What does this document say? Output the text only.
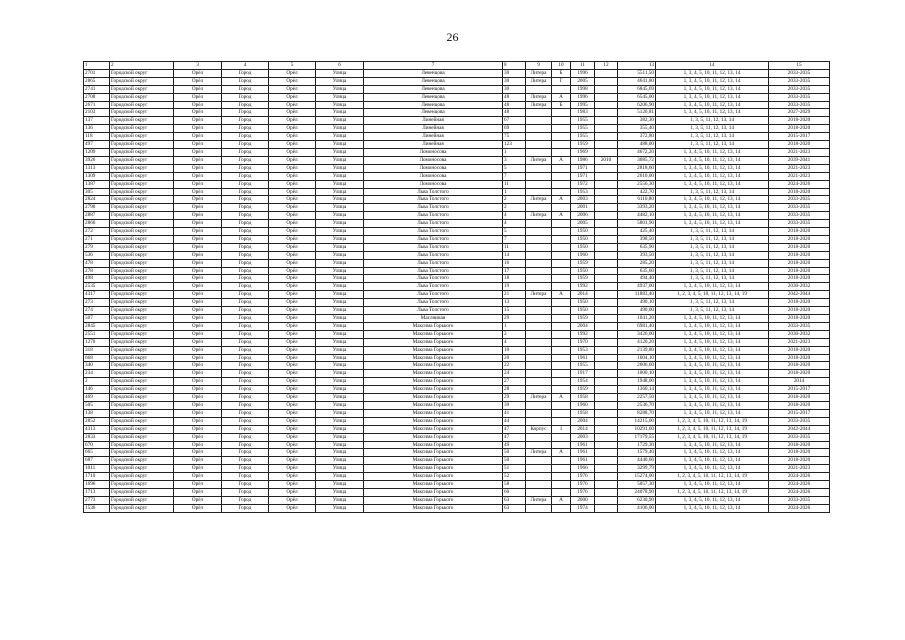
26
1	2	3	4	5	6	7	8	9	10	11	12	13	14	15
2701	Городской округ	Орёл	Город	Орёл	Улица	Левенцова	30	Литера	Б	1996		5511,50	1, 3, 4, 5, 10, 11, 12, 13, 14	2033-2035
2865	Городской округ	Орёл	Город	Орёл	Улица	Левенцова	30	Литера	Г	2005		4641,80	1, 3, 4, 5, 10, 11, 12, 13, 14	2033-2035
2741	Городской округ	Орёл	Город	Орёл	Улица	Левенцова	30			1998		6845,69	1, 3, 4, 5, 10, 11, 12, 13, 14	2033-2035
2708	Городской округ	Орёл	Город	Орёл	Улица	Левенцова	48	Литера	А	1996		6545,00	1, 3, 4, 5, 10, 11, 12, 13, 14	2033-2035
2671	Городской округ	Орёл	Город	Орёл	Улица	Левенцова	48	Литера	Б	1995		6206,90	1, 3, 4, 5, 10, 11, 12, 13, 14	2033-2035
2103	Городской округ	Орёл	Город	Орёл	Улица	Левенцова	48			1983		5120,81	1, 3, 4, 5, 10, 11, 12, 13, 14	2027-2029
137	Городской округ	Орёл	Город	Орёл	Улица	Линейная	67			1955		382,30	1, 3, 5, 11, 12, 13, 14	2018-2020
136	Городской округ	Орёл	Город	Орёл	Улица	Линейная	69			1955		355,40	1, 3, 5, 11, 12, 13, 14	2018-2020
118	Городской округ	Орёл	Город	Орёл	Улица	Линейная	75			1955		372,80	1, 3, 5, 11, 12, 13, 14	2015-2017
497	Городской округ	Орёл	Город	Орёл	Улица	Линейная	123			1959		488,00	1, 3, 5, 11, 12, 13, 14	2018-2020
1209	Городской округ	Орёл	Город	Орёл	Улица	Ломоносова	1			1969		4672,20	1, 3, 4, 5, 10, 11, 12, 13, 14	2021-2023
3926	Городской округ	Орёл	Город	Орёл	Улица	Ломоносова	3	Литера	А	1986	2010	3085,72	1, 3, 4, 5, 10, 11, 12, 13, 14	2039-2041
1313	Городской округ	Орёл	Город	Орёл	Улица	Ломоносова	5			1971		2818,60	1, 3, 4, 5, 10, 11, 12, 13, 14	2021-2023
1309	Городской округ	Орёл	Город	Орёл	Улица	Ломоносова	7			1971		2610,00	1, 3, 4, 5, 10, 11, 12, 13, 14	2021-2023
1387	Городской округ	Орёл	Город	Орёл	Улица	Ломоносова	11			1972		2556,30	1, 3, 4, 5, 10, 11, 12, 13, 14	2024-2026
305	Городской округ	Орёл	Город	Орёл	Улица	Льва Толстого	1			1953		422,70	1, 3, 5, 11, 12, 13, 14	2018-2020
2824	Городской округ	Орёл	Город	Орёл	Улица	Льва Толстого	2	Литера	А	2003		6110,80	1, 3, 4, 5, 10, 11, 12, 13, 14	2033-2035
2790	Городской округ	Орёл	Город	Орёл	Улица	Льва Толстого	2			2001		3393,20	1, 3, 4, 5, 10, 11, 12, 13, 14	2033-2035
2887	Городской округ	Орёл	Город	Орёл	Улица	Льва Толстого	4	Литера	А	2006		4482,10	1, 3, 4, 5, 10, 11, 12, 13, 14	2033-2035
2866	Городской округ	Орёл	Город	Орёл	Улица	Льва Толстого	4			2005		5801,90	1, 3, 4, 5, 10, 11, 12, 13, 14	2033-2035
272	Городской округ	Орёл	Город	Орёл	Улица	Льва Толстого	5			1950		425,40	1, 3, 5, 11, 12, 13, 14	2018-2020
271	Городской округ	Орёл	Город	Орёл	Улица	Льва Толстого	7			1950		398,50	1, 3, 5, 11, 12, 13, 14	2018-2020
279	Городской округ	Орёл	Город	Орёл	Улица	Льва Толстого	11			1950		635,90	1, 3, 5, 11, 12, 13, 14	2018-2020
536	Городской округ	Орёл	Город	Орёл	Улица	Льва Толстого	14			1960		393,50	1, 3, 5, 11, 12, 13, 14	2018-2020
478	Городской округ	Орёл	Город	Орёл	Улица	Льва Толстого	16			1959		285,20	1, 3, 5, 11, 12, 13, 14	2018-2020
278	Городской округ	Орёл	Город	Орёл	Улица	Льва Толстого	17			1950		635,60	1, 3, 5, 11, 12, 13, 14	2018-2020
498	Городской округ	Орёл	Город	Орёл	Улица	Льва Толстого	18			1959		494,40	1, 3, 5, 11, 12, 13, 14	2018-2020
2535	Городской округ	Орёл	Город	Орёл	Улица	Льва Толстого	19			1992		4937,00	1, 3, 4, 5, 10, 11, 12, 13, 14	2030-2032
4317	Городской округ	Орёл	Город	Орёл	Улица	Льва Толстого	21	Литера	А	2014		11883,40	1, 2, 3, 4, 5, 10, 11, 12, 13, 14, 19	2042-2044
273	Городской округ	Орёл	Город	Орёл	Улица	Льва Толстого	13			1950		490,10	1, 3, 5, 11, 12, 13, 14	2018-2020
274	Городской округ	Орёл	Город	Орёл	Улица	Льва Толстого	15			1950		490,00	1, 3, 5, 11, 12, 13, 14	2018-2020
507	Городской округ	Орёл	Город	Орёл	Улица	Маслянная	29			1959		1041,20	1, 3, 4, 5, 10, 11, 12, 13, 14	2018-2020
2845	Городской округ	Орёл	Город	Орёл	Улица	Максима Горького	1			2004		6981,40	1, 3, 4, 5, 10, 11, 12, 13, 14	2033-2035
2551	Городской округ	Орёл	Город	Орёл	Улица	Максима Горького	2			1992		3426,00	1, 3, 4, 5, 10, 11, 12, 13, 14	2030-2032
1270	Городской округ	Орёл	Город	Орёл	Улица	Максима Горького	4			1970		4120,20	1, 3, 4, 5, 10, 11, 12, 13, 14	2021-2023
318	Городской округ	Орёл	Город	Орёл	Улица	Максима Горького	10			1953		2139,80	1, 3, 4, 5, 10, 11, 12, 13, 14	2018-2020
668	Городской округ	Орёл	Город	Орёл	Улица	Максима Горького	20			1961		1604,10	1, 3, 4, 5, 10, 11, 12, 13, 14	2018-2020
340	Городской округ	Орёл	Город	Орёл	Улица	Максима Горького	22			1955		2606,60	1, 3, 4, 5, 10, 11, 12, 13, 14	2018-2020
234	Городской округ	Орёл	Город	Орёл	Улица	Максима Горького	24			1917		1000,10	1, 3, 4, 5, 10, 11, 12, 13, 14	2018-2020
2	Городской округ	Орёл	Город	Орёл	Улица	Максима Горького	27			1954		1948,00	1, 3, 4, 5, 10, 11, 12, 13, 14	2014
146	Городской округ	Орёл	Город	Орёл	Улица	Максима Горького	28			1959		1360,14	1, 3, 4, 5, 10, 11, 12, 13, 14	2015-2017
469	Городской округ	Орёл	Город	Орёл	Улица	Максима Горького	29	Литера	А	1958		2257,50	1, 3, 4, 5, 10, 11, 12, 13, 14	2018-2020
505	Городской округ	Орёл	Город	Орёл	Улица	Максима Горького	39			1960		2536,70	1, 3, 4, 5, 10, 11, 12, 13, 14	2018-2020
138	Городской округ	Орёл	Город	Орёл	Улица	Максима Горького	41			1958		8288,70	1, 3, 4, 5, 10, 11, 12, 13, 14	2015-2017
2852	Городской округ	Орёл	Город	Орёл	Улица	Максима Горького	44			2004		14215,00	1, 2, 3, 4, 5, 10, 11, 12, 13, 14, 19	2033-2035
4313	Городской округ	Орёл	Город	Орёл	Улица	Максима Горького	47	Корпус	1	2014		10291,60	1, 2, 3, 4, 5, 10, 11, 12, 13, 14, 19	2042-2044
2833	Городской округ	Орёл	Город	Орёл	Улица	Максима Горького	47			2003		17179,55	1, 2, 3, 4, 5, 10, 11, 12, 13, 14, 19	2033-2035
670	Городской округ	Орёл	Город	Орёл	Улица	Максима Горького	49			1961		1729,30	1, 3, 4, 5, 10, 11, 12, 13, 14	2018-2020
665	Городской округ	Орёл	Город	Орёл	Улица	Максима Горького	50	Литера	А	1961		1579,40	1, 3, 4, 5, 10, 11, 12, 13, 14	2018-2020
687	Городской округ	Орёл	Город	Орёл	Улица	Максима Горького	50			1961		4440,60	1, 3, 4, 5, 10, 11, 12, 13, 14	2018-2020
1011	Городской округ	Орёл	Город	Орёл	Улица	Максима Горького	51			1966		3299,79	1, 3, 4, 5, 10, 11, 12, 13, 14	2021-2023
1710	Городской округ	Орёл	Город	Орёл	Улица	Максима Горького	52			1976		15274,00	1, 2, 3, 4, 5, 10, 11, 12, 13, 14, 19	2024-2026
1696	Городской округ	Орёл	Город	Орёл	Улица	Максима Горького	58			1976		5057,30	1, 3, 4, 5, 10, 11, 12, 13, 14	2024-2026
1713	Городской округ	Орёл	Город	Орёл	Улица	Максима Горького	60			1976		24078,90	1, 2, 3, 4, 5, 10, 11, 12, 13, 14, 19	2024-2026
2773	Городской округ	Орёл	Город	Орёл	Улица	Максима Горького	63	Литера	А	2000		6230,90	1, 3, 4, 5, 10, 11, 12, 13, 14	2033-2035
1536	Городской округ	Орёл	Город	Орёл	Улица	Максима Горького	63			1974		4106,00	1, 3, 4, 5, 10, 11, 12, 13, 14	2024-2026
